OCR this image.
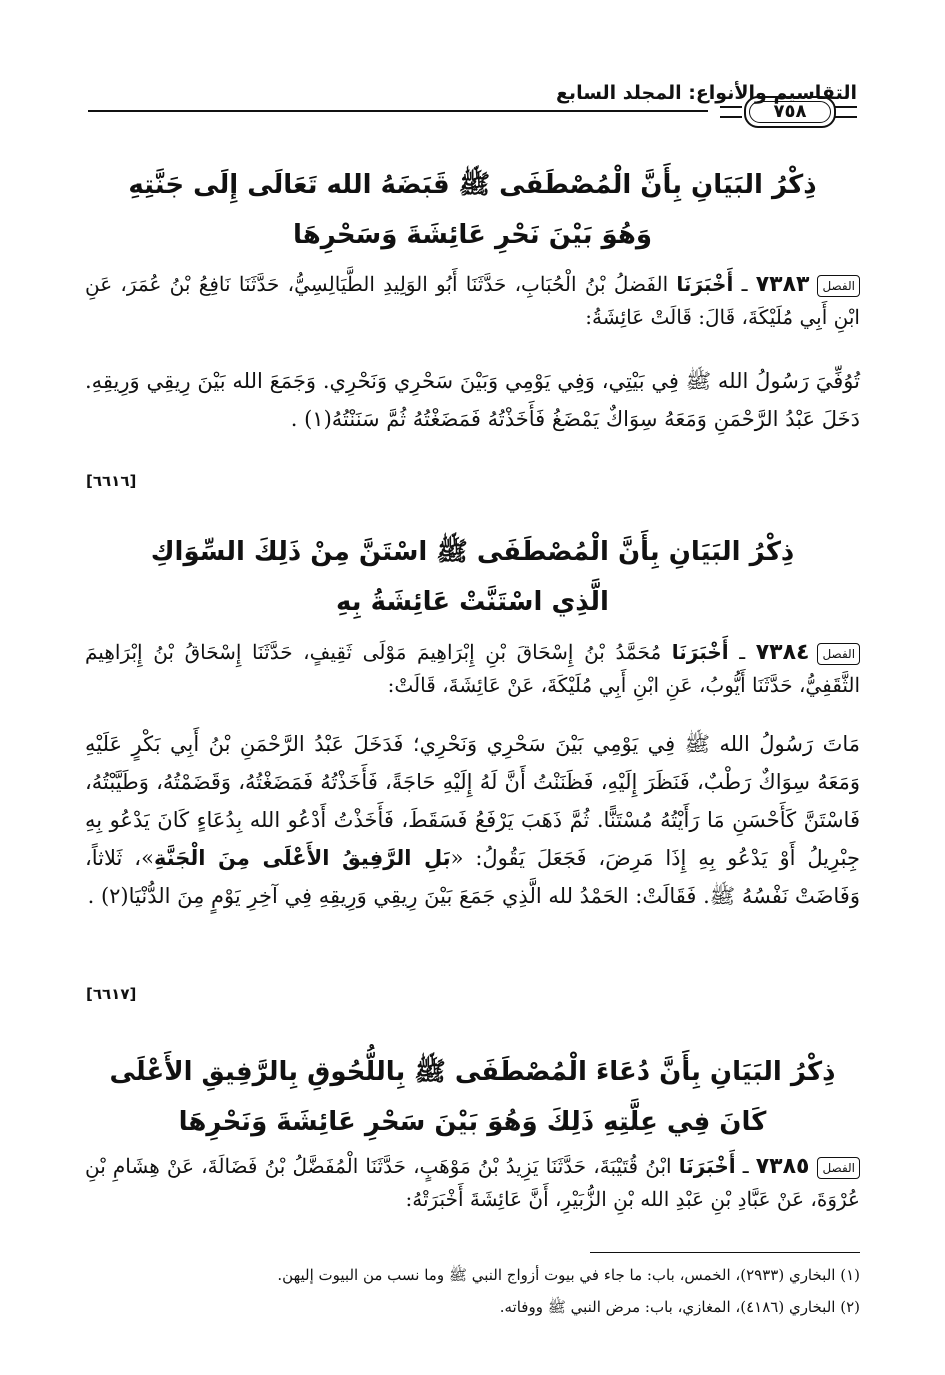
التقاسيم والأنواع: المجلد السابع
٧٥٨
ذِكْرُ البَيَانِ بِأَنَّ الْمُصْطَفَى ﷺ قَبَضَهُ الله تَعَالَى إِلَى جَنَّتِهِ
وَهُوَ بَيْنَ نَحْرِ عَائِشَةَ وَسَحْرِهَا
الفصل٧٣٨٣ ـ أَخْبَرَنَا الفَضلُ بْنُ الْحُبَابِ، حَدَّثَنَا أَبُو الوَلِيدِ الطَّيَالِسِيُّ، حَدَّثَنَا نَافِعُ بْنُ عُمَرَ، عَنِ ابْنِ أَبِي مُلَيْكَةَ، قَالَ: قَالَتْ عَائِشَةُ:
تُوُفِّيَ رَسُولُ الله ﷺ فِي بَيْتِي، وَفِي يَوْمِي وَبَيْنَ سَحْرِي وَنَحْرِي. وَجَمَعَ الله بَيْنَ رِيقِي وَرِيقِهِ. دَخَلَ عَبْدُ الرَّحْمَنِ وَمَعَهُ سِوَاكٌ يَمْضَغُ فَأَخَذْتُهُ فَمَضَغْتُهُ ثُمَّ سَنَنْتُهُ(١) .
[٦٦١٦]
ذِكْرُ البَيَانِ بِأَنَّ الْمُصْطَفَى ﷺ اسْتَنَّ مِنْ ذَلِكَ السِّوَاكِ
الَّذِي اسْتَنَّتْ عَائِشَةُ بِهِ
الفصل٧٣٨٤ ـ أَخْبَرَنَا مُحَمَّدُ بْنُ إِسْحَاقَ بْنِ إِبْرَاهِيمَ مَوْلَى ثَقِيفٍ، حَدَّثَنَا إِسْحَاقُ بْنُ إِبْرَاهِيمَ الثَّقَفِيُّ، حَدَّثَنَا أَيُّوبُ، عَنِ ابْنِ أَبِي مُلَيْكَةَ، عَنْ عَائِشَةَ، قَالَتْ:
مَاتَ رَسُولُ الله ﷺ فِي يَوْمِي بَيْنَ سَحْرِي وَنَحْرِي؛ فَدَخَلَ عَبْدُ الرَّحْمَنِ بْنُ أَبِي بَكْرٍ عَلَيْهِ وَمَعَهُ سِوَاكٌ رَطْبٌ، فَنَظَرَ إِلَيْهِ، فَظَنَنْتُ أَنَّ لَهُ إِلَيْهِ حَاجَةً، فَأَخَذْتُهُ فَمَضَغْتُهُ، وَقَضَمْتُهُ، وَطَيَّبْتُهُ، فَاسْتَنَّ كَأَحْسَنِ مَا رَأَيْتُهُ مُسْتَنًّا. ثُمَّ ذَهَبَ يَرْفَعُ فَسَقَطَ، فَأَخَذْتُ أَدْعُو الله بِدُعَاءٍ كَانَ يَدْعُو بِهِ جِبْرِيلُ أَوْ يَدْعُو بِهِ إِذَا مَرِضَ، فَجَعَلَ يَقُولُ: «بَلِ الرَّفِيقُ الأَعْلَى مِنَ الْجَنَّةِ»، ثَلاثاً، وَفَاضَتْ نَفْسُهُ ﷺ. فَقَالَتْ: الحَمْدُ لله الَّذِي جَمَعَ بَيْنَ رِيقِي وَرِيقِهِ فِي آخِرِ يَوْمٍ مِنَ الدُّنْيَا(٢) .
[٦٦١٧]
ذِكْرُ البَيَانِ بِأَنَّ دُعَاءَ الْمُصْطَفَى ﷺ بِاللُّحُوقِ بِالرَّفِيقِ الأَعْلَى
كَانَ فِي عِلَّتِهِ ذَلِكَ وَهُوَ بَيْنَ سَحْرِ عَائِشَةَ وَنَحْرِهَا
الفصل٧٣٨٥ ـ أَخْبَرَنَا ابْنُ قُتَيْبَةَ، حَدَّثَنَا يَزِيدُ بْنُ مَوْهَبٍ، حَدَّثَنَا الْمُفَضَّلُ بْنُ فَضَالَةَ، عَنْ هِشَامِ بْنِ عُرْوَةَ، عَنْ عَبَّادِ بْنِ عَبْدِ الله بْنِ الزُّبَيْرِ، أَنَّ عَائِشَةَ أَخْبَرَتْهُ:
(١) البخاري (٢٩٣٣)، الخمس، باب: ما جاء في بيوت أزواج النبي ﷺ وما نسب من البيوت إليهن.
(٢) البخاري (٤١٨٦)، المغازي، باب: مرض النبي ﷺ ووفاته.
